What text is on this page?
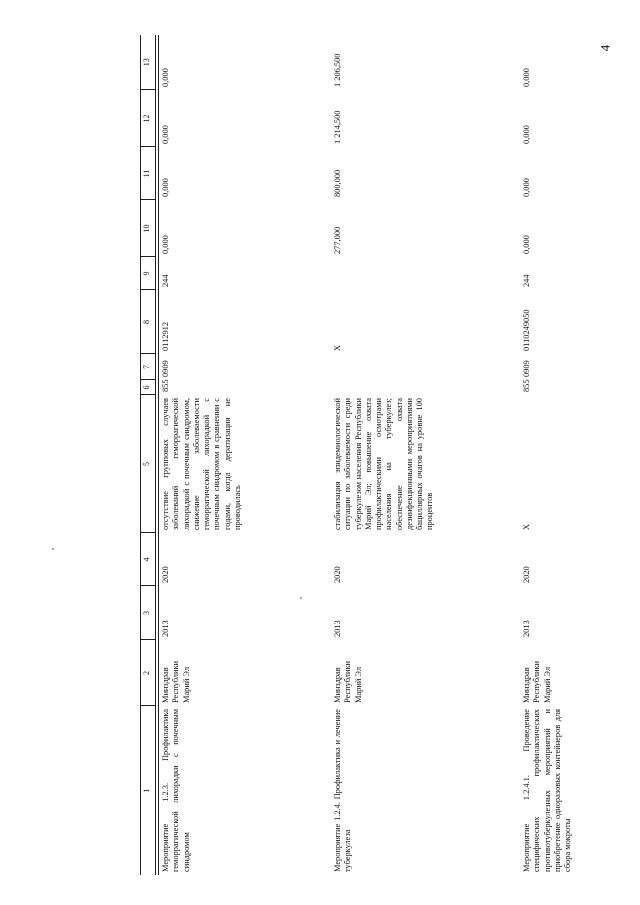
4
1	2	3	4	5	6	7	8	9	10	11	12	13

Мероприятие 1.2.3. Профилактика геморрагической лихорадки с почечным синдромом	Минздрав Республики Марий Эл	2013	2020	отсутствие групповых случаев заболеваний геморрагической лихорадкой с почечным синдромом, снижение заболеваемости геморрагической лихорадкой с почечным синдромом в сравнении с годами, когда дератизация не проводилась	855	0909	0112912	244	0,000	0,000	0,000	0,000
Мероприятие 1.2.4. Профилактика и лечение туберкулеза	Минздрав Республики Марий Эл	2013	2020	стабилизация эпидемиологической ситуации по заболеваемости среди туберкулезом населения Республики Марий Эл; повышение охвата профилактическими осмотрами населения на туберкулез; обеспечение охвата дезинфекционными мероприятиями бациллярных очагов на уровне 100 процентов			X		277,000	800,000	1 214,500	1 206,500
Мероприятие 1.2.4.1. Проведение специфических профилактических противотуберкулезных мероприятий и приобретение одноразовых контейнеров для сбора мокроты	Минздрав Республики Марий Эл	2013	2020	X	855	0909	0110249050	244	0,000	0,000	0,000	0,000
